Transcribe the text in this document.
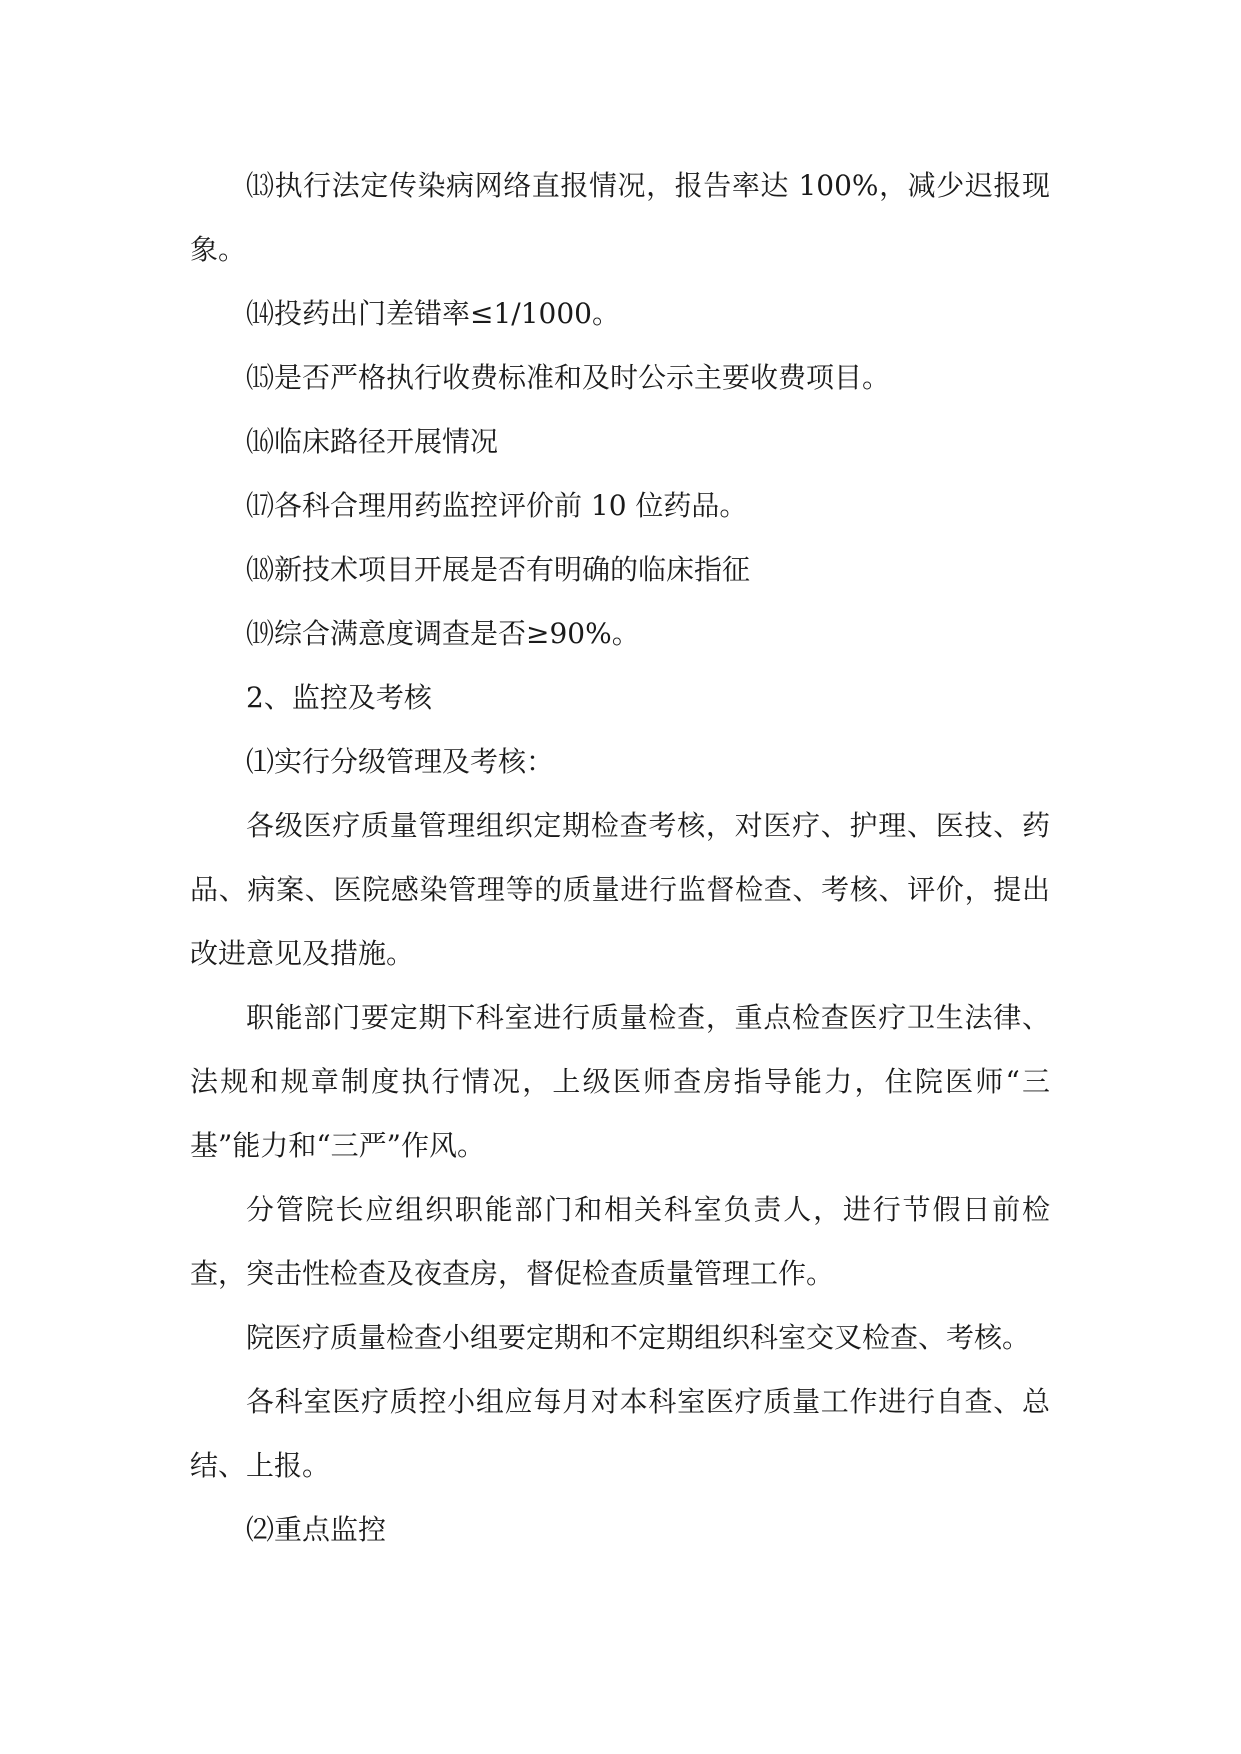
⒀执行法定传染病网络直报情况，报告率达 100%，减少迟报现象。

⒁投药出门差错率≤1/1000。

⒂是否严格执行收费标准和及时公示主要收费项目。

⒃临床路径开展情况

⒄各科合理用药监控评价前 10 位药品。

⒅新技术项目开展是否有明确的临床指征

⒆综合满意度调查是否≥90%。

2、监控及考核

⑴实行分级管理及考核：

各级医疗质量管理组织定期检查考核，对医疗、护理、医技、药品、病案、医院感染管理等的质量进行监督检查、考核、评价，提出改进意见及措施。

职能部门要定期下科室进行质量检查，重点检查医疗卫生法律、法规和规章制度执行情况，上级医师查房指导能力，住院医师“三基”能力和“三严”作风。

分管院长应组织职能部门和相关科室负责人，进行节假日前检查，突击性检查及夜查房，督促检查质量管理工作。

院医疗质量检查小组要定期和不定期组织科室交叉检查、考核。

各科室医疗质控小组应每月对本科室医疗质量工作进行自查、总结、上报。

⑵重点监控
